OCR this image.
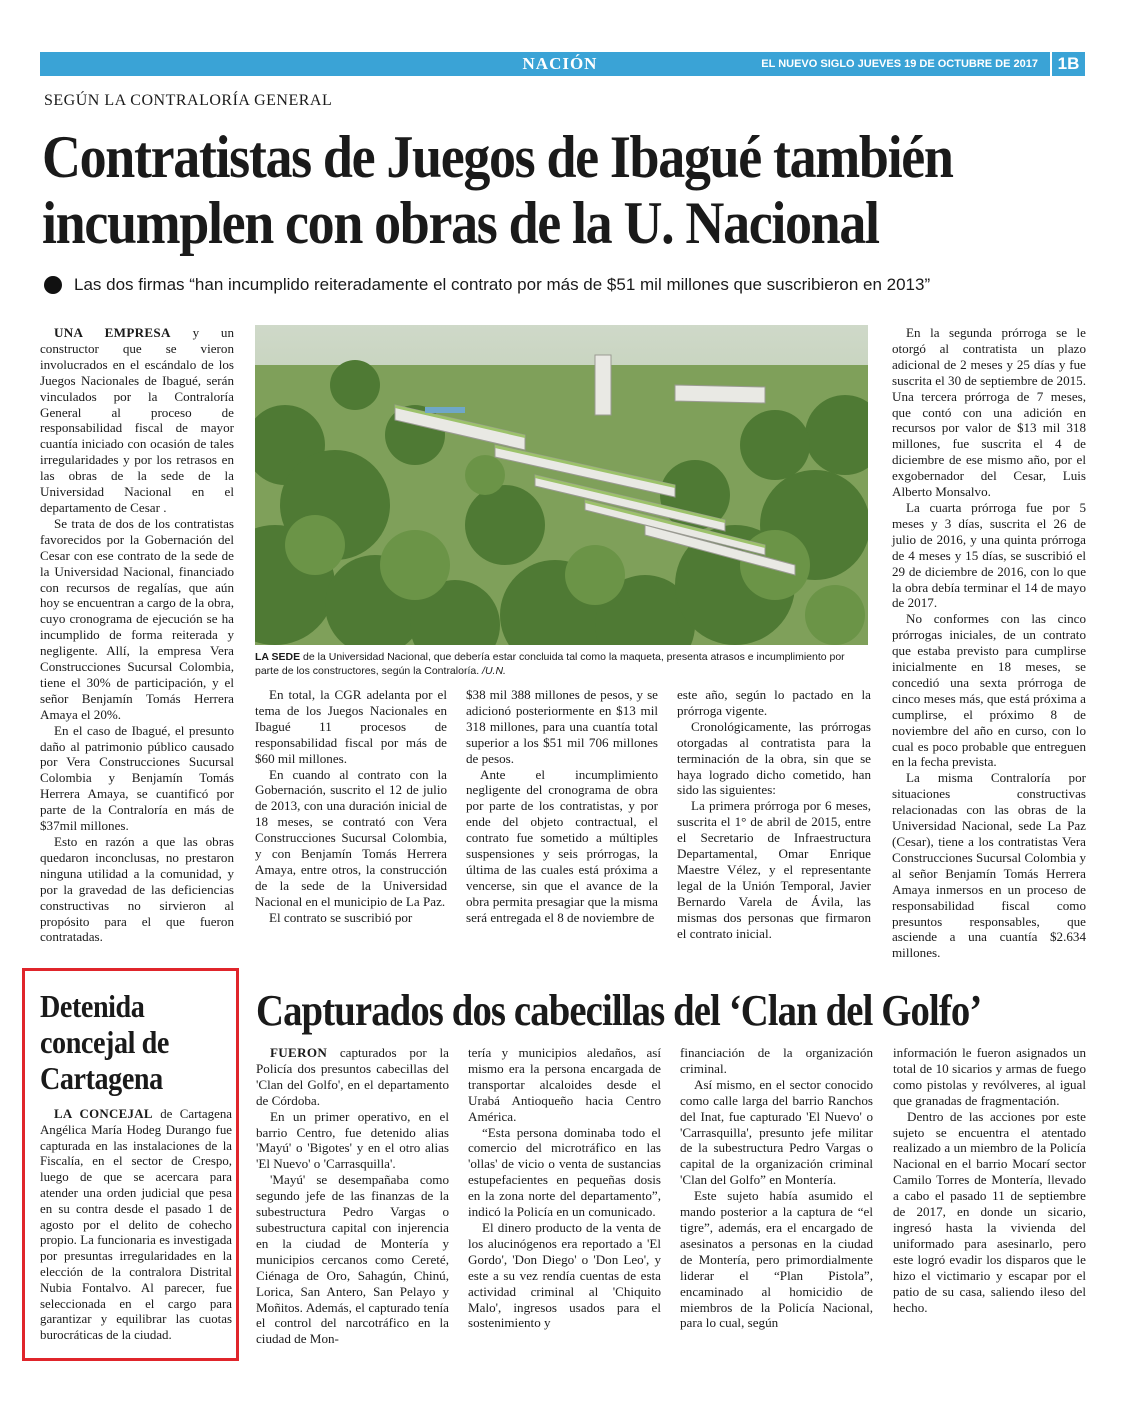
NACIÓN	EL NUEVO SIGLO JUEVES 19 DE OCTUBRE DE 2017	1B
SEGÚN LA CONTRALORÍA GENERAL
Contratistas de Juegos de Ibagué también
incumplen con obras de la U. Nacional
Las dos firmas “han incumplido reiteradamente el contrato por más de $51 mil millones que suscribieron en 2013”

UNA EMPRESA y un constructor que se vieron involucrados en el escándalo de los Juegos Nacionales de Ibagué, serán vinculados por la Contraloría General al proceso de responsabilidad fiscal de mayor cuantía iniciado con ocasión de tales irregularidades y por los retrasos en las obras de la sede de la Universidad Nacional en el departamento de Cesar .

Se trata de dos de los contratistas favorecidos por la Gobernación del Cesar con ese contrato de la sede de la Universidad Nacional, financiado con recursos de regalías, que aún hoy se encuentran a cargo de la obra, cuyo cronograma de ejecución se ha incumplido de forma reiterada y negligente. Allí, la empresa Vera Construcciones Sucursal Colombia, tiene el 30% de participación, y el señor Benjamín Tomás Herrera Amaya el 20%.

En el caso de Ibagué, el presunto daño al patrimonio público causado por Vera Construcciones Sucursal Colombia y Benjamín Tomás Herrera Amaya, se cuantificó por parte de la Contraloría en más de $37mil millones.

Esto en razón a que las obras quedaron inconclusas, no prestaron ninguna utilidad a la comunidad, y por la gravedad de las deficiencias constructivas no sirvieron al propósito para el que fueron contratadas.

LA SEDE de la Universidad Nacional, que debería estar concluida tal como la maqueta, presenta atrasos e incumplimiento por parte de los constructores, según la Contraloría. /U.N.

En total, la CGR adelanta por el tema de los Juegos Nacionales en Ibagué 11 procesos de responsabilidad fiscal por más de $60 mil millones.

En cuando al contrato con la Gobernación, suscrito el 12 de julio de 2013, con una duración inicial de 18 meses, se contrató con Vera Construcciones Sucursal Colombia, y con Benjamín Tomás Herrera Amaya, entre otros, la construcción de la sede de la Universidad Nacional en el municipio de La Paz.

El contrato se suscribió por

$38 mil 388 millones de pesos, y se adicionó posteriormente en $13 mil 318 millones, para una cuantía total superior a los $51 mil 706 millones de pesos.

Ante el incumplimiento negligente del cronograma de obra por parte de los contratistas, y por ende del objeto contractual, el contrato fue sometido a múltiples suspensiones y seis prórrogas, la última de las cuales está próxima a vencerse, sin que el avance de la obra permita presagiar que la misma será entregada el 8 de noviembre de

este año, según lo pactado en la prórroga vigente.

Cronológicamente, las prórrogas otorgadas al contratista para la terminación de la obra, sin que se haya logrado dicho cometido, han sido las siguientes:

La primera prórroga por 6 meses, suscrita el 1° de abril de 2015, entre el Secretario de Infraestructura Departamental, Omar Enrique Maestre Vélez, y el representante legal de la Unión Temporal, Javier Bernardo Varela de Ávila, las mismas dos personas que firmaron el contrato inicial.

En la segunda prórroga se le otorgó al contratista un plazo adicional de 2 meses y 25 días y fue suscrita el 30 de septiembre de 2015. Una tercera prórroga de 7 meses, que contó con una adición en recursos por valor de $13 mil 318 millones, fue suscrita el 4 de diciembre de ese mismo año, por el exgobernador del Cesar, Luis Alberto Monsalvo.

La cuarta prórroga fue por 5 meses y 3 días, suscrita el 26 de julio de 2016, y una quinta prórroga de 4 meses y 15 días, se suscribió el 29 de diciembre de 2016, con lo que la obra debía terminar el 14 de mayo de 2017.

No conformes con las cinco prórrogas iniciales, de un contrato que estaba previsto para cumplirse inicialmente en 18 meses, se concedió una sexta prórroga de cinco meses más, que está próxima a cumplirse, el próximo 8 de noviembre del año en curso, con lo cual es poco probable que entreguen en la fecha prevista.

La misma Contraloría por situaciones constructivas relacionadas con las obras de la Universidad Nacional, sede La Paz (Cesar), tiene a los contratistas Vera Construcciones Sucursal Colombia y al señor Benjamín Tomás Herrera Amaya inmersos en un proceso de responsabilidad fiscal como presuntos responsables, que asciende a una cuantía $2.634 millones.

Detenida concejal de Cartagena

LA CONCEJAL de Cartagena Angélica María Hodeg Durango fue capturada en las instalaciones de la Fiscalía, en el sector de Crespo, luego de que se acercara para atender una orden judicial que pesa en su contra desde el pasado 1 de agosto por el delito de cohecho propio. La funcionaria es investigada por presuntas irregularidades en la elección de la contralora Distrital Nubia Fontalvo. Al parecer, fue seleccionada en el cargo para garantizar y equilibrar las cuotas burocráticas de la ciudad.

Capturados dos cabecillas del ‘Clan del Golfo’

FUERON capturados por la Policía dos presuntos cabecillas del 'Clan del Golfo', en el departamento de Córdoba.

En un primer operativo, en el barrio Centro, fue detenido alias 'Mayú' o 'Bigotes' y en el otro alias 'El Nuevo' o 'Carrasquilla'.

'Mayú' se desempañaba como segundo jefe de las finanzas de la subestructura Pedro Vargas o subestructura capital con injerencia en la ciudad de Montería y municipios cercanos como Cereté, Ciénaga de Oro, Sahagún, Chinú, Lorica, San Antero, San Pelayo y Moñitos. Además, el capturado tenía el control del narcotráfico en la ciudad de Mon-

tería y municipios aledaños, así mismo era la persona encargada de transportar alcaloides desde el Urabá Antioqueño hacia Centro América.

“Esta persona dominaba todo el comercio del microtráfico en las 'ollas' de vicio o venta de sustancias estupefacientes en pequeñas dosis en la zona norte del departamento”, indicó la Policía en un comunicado.

El dinero producto de la venta de los alucinógenos era reportado a 'El Gordo', 'Don Diego' o 'Don Leo', y este a su vez rendía cuentas de esta actividad criminal al 'Chiquito Malo', ingresos usados para el sostenimiento y

financiación de la organización criminal.

Así mismo, en el sector conocido como calle larga del barrio Ranchos del Inat, fue capturado 'El Nuevo' o 'Carrasquilla', presunto jefe militar de la subestructura Pedro Vargas o capital de la organización criminal 'Clan del Golfo” en Montería.

Este sujeto había asumido el mando posterior a la captura de “el tigre”, además, era el encargado de asesinatos a personas en la ciudad de Montería, pero primordialmente liderar el “Plan Pistola”, encaminado al homicidio de miembros de la Policía Nacional, para lo cual, según

información le fueron asignados un total de 10 sicarios y armas de fuego como pistolas y revólveres, al igual que granadas de fragmentación.

Dentro de las acciones por este sujeto se encuentra el atentado realizado a un miembro de la Policía Nacional en el barrio Mocarí sector Camilo Torres de Montería, llevado a cabo el pasado 11 de septiembre de 2017, en donde un sicario, ingresó hasta la vivienda del uniformado para asesinarlo, pero este logró evadir los disparos que le hizo el victimario y escapar por el patio de su casa, saliendo ileso del hecho.
